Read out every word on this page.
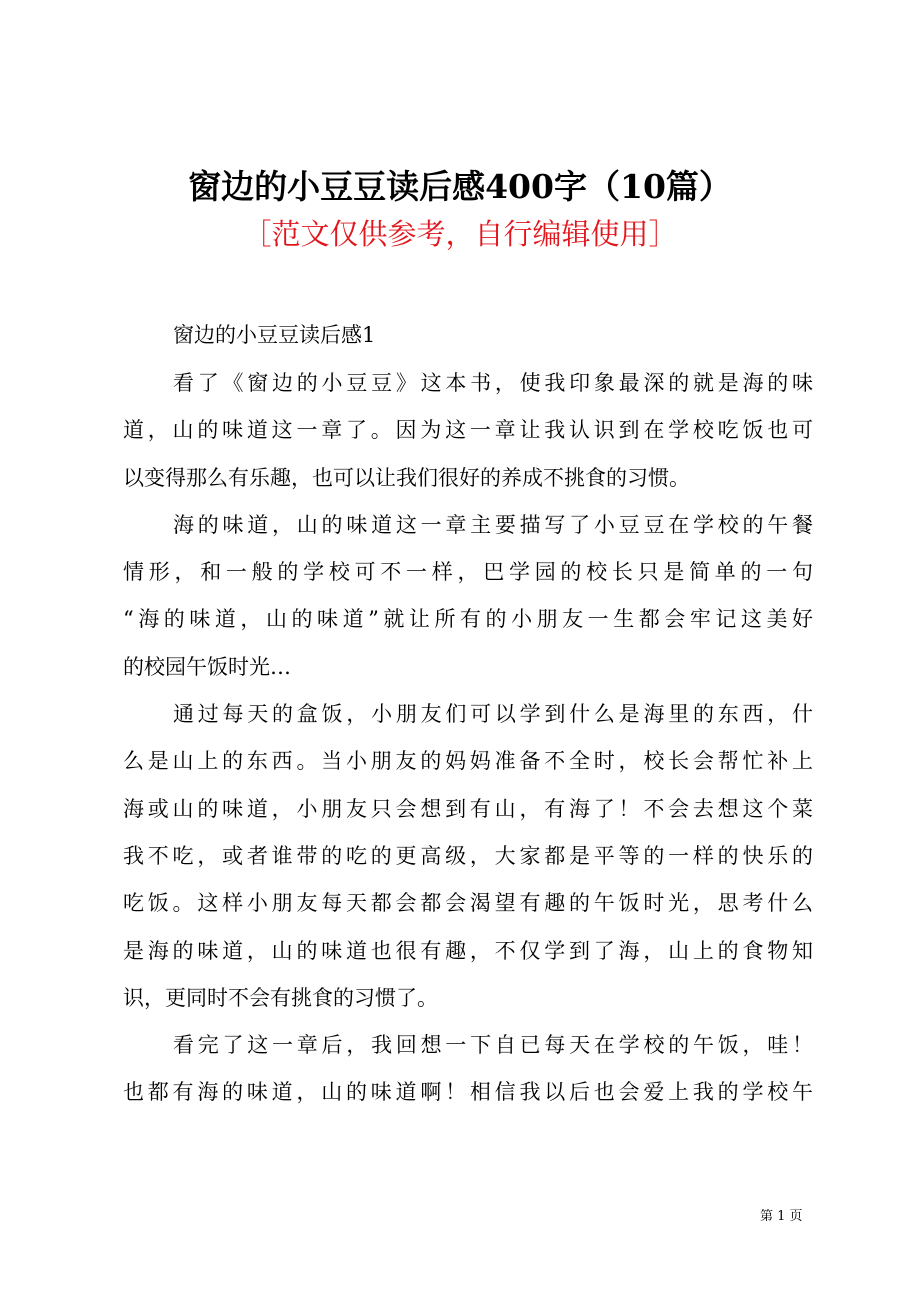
窗边的小豆豆读后感400字（10篇）
［范文仅供参考，自行编辑使用］
窗边的小豆豆读后感1
看了《窗边的小豆豆》这本书，使我印象最深的就是海的味
道，山的味道这一章了。因为这一章让我认识到在学校吃饭也可
以变得那么有乐趣，也可以让我们很好的养成不挑食的习惯。
海的味道，山的味道这一章主要描写了小豆豆在学校的午餐
情形，和一般的学校可不一样，巴学园的校长只是简单的一句
“海的味道，山的味道”就让所有的小朋友一生都会牢记这美好
的校园午饭时光…
通过每天的盒饭，小朋友们可以学到什么是海里的东西，什
么是山上的东西。当小朋友的妈妈准备不全时，校长会帮忙补上
海或山的味道，小朋友只会想到有山，有海了！不会去想这个菜
我不吃，或者谁带的吃的更高级，大家都是平等的一样的快乐的
吃饭。这样小朋友每天都会都会渴望有趣的午饭时光，思考什么
是海的味道，山的味道也很有趣，不仅学到了海，山上的食物知
识，更同时不会有挑食的习惯了。
看完了这一章后，我回想一下自已每天在学校的午饭，哇！
也都有海的味道，山的味道啊！相信我以后也会爱上我的学校午
第 1 页
